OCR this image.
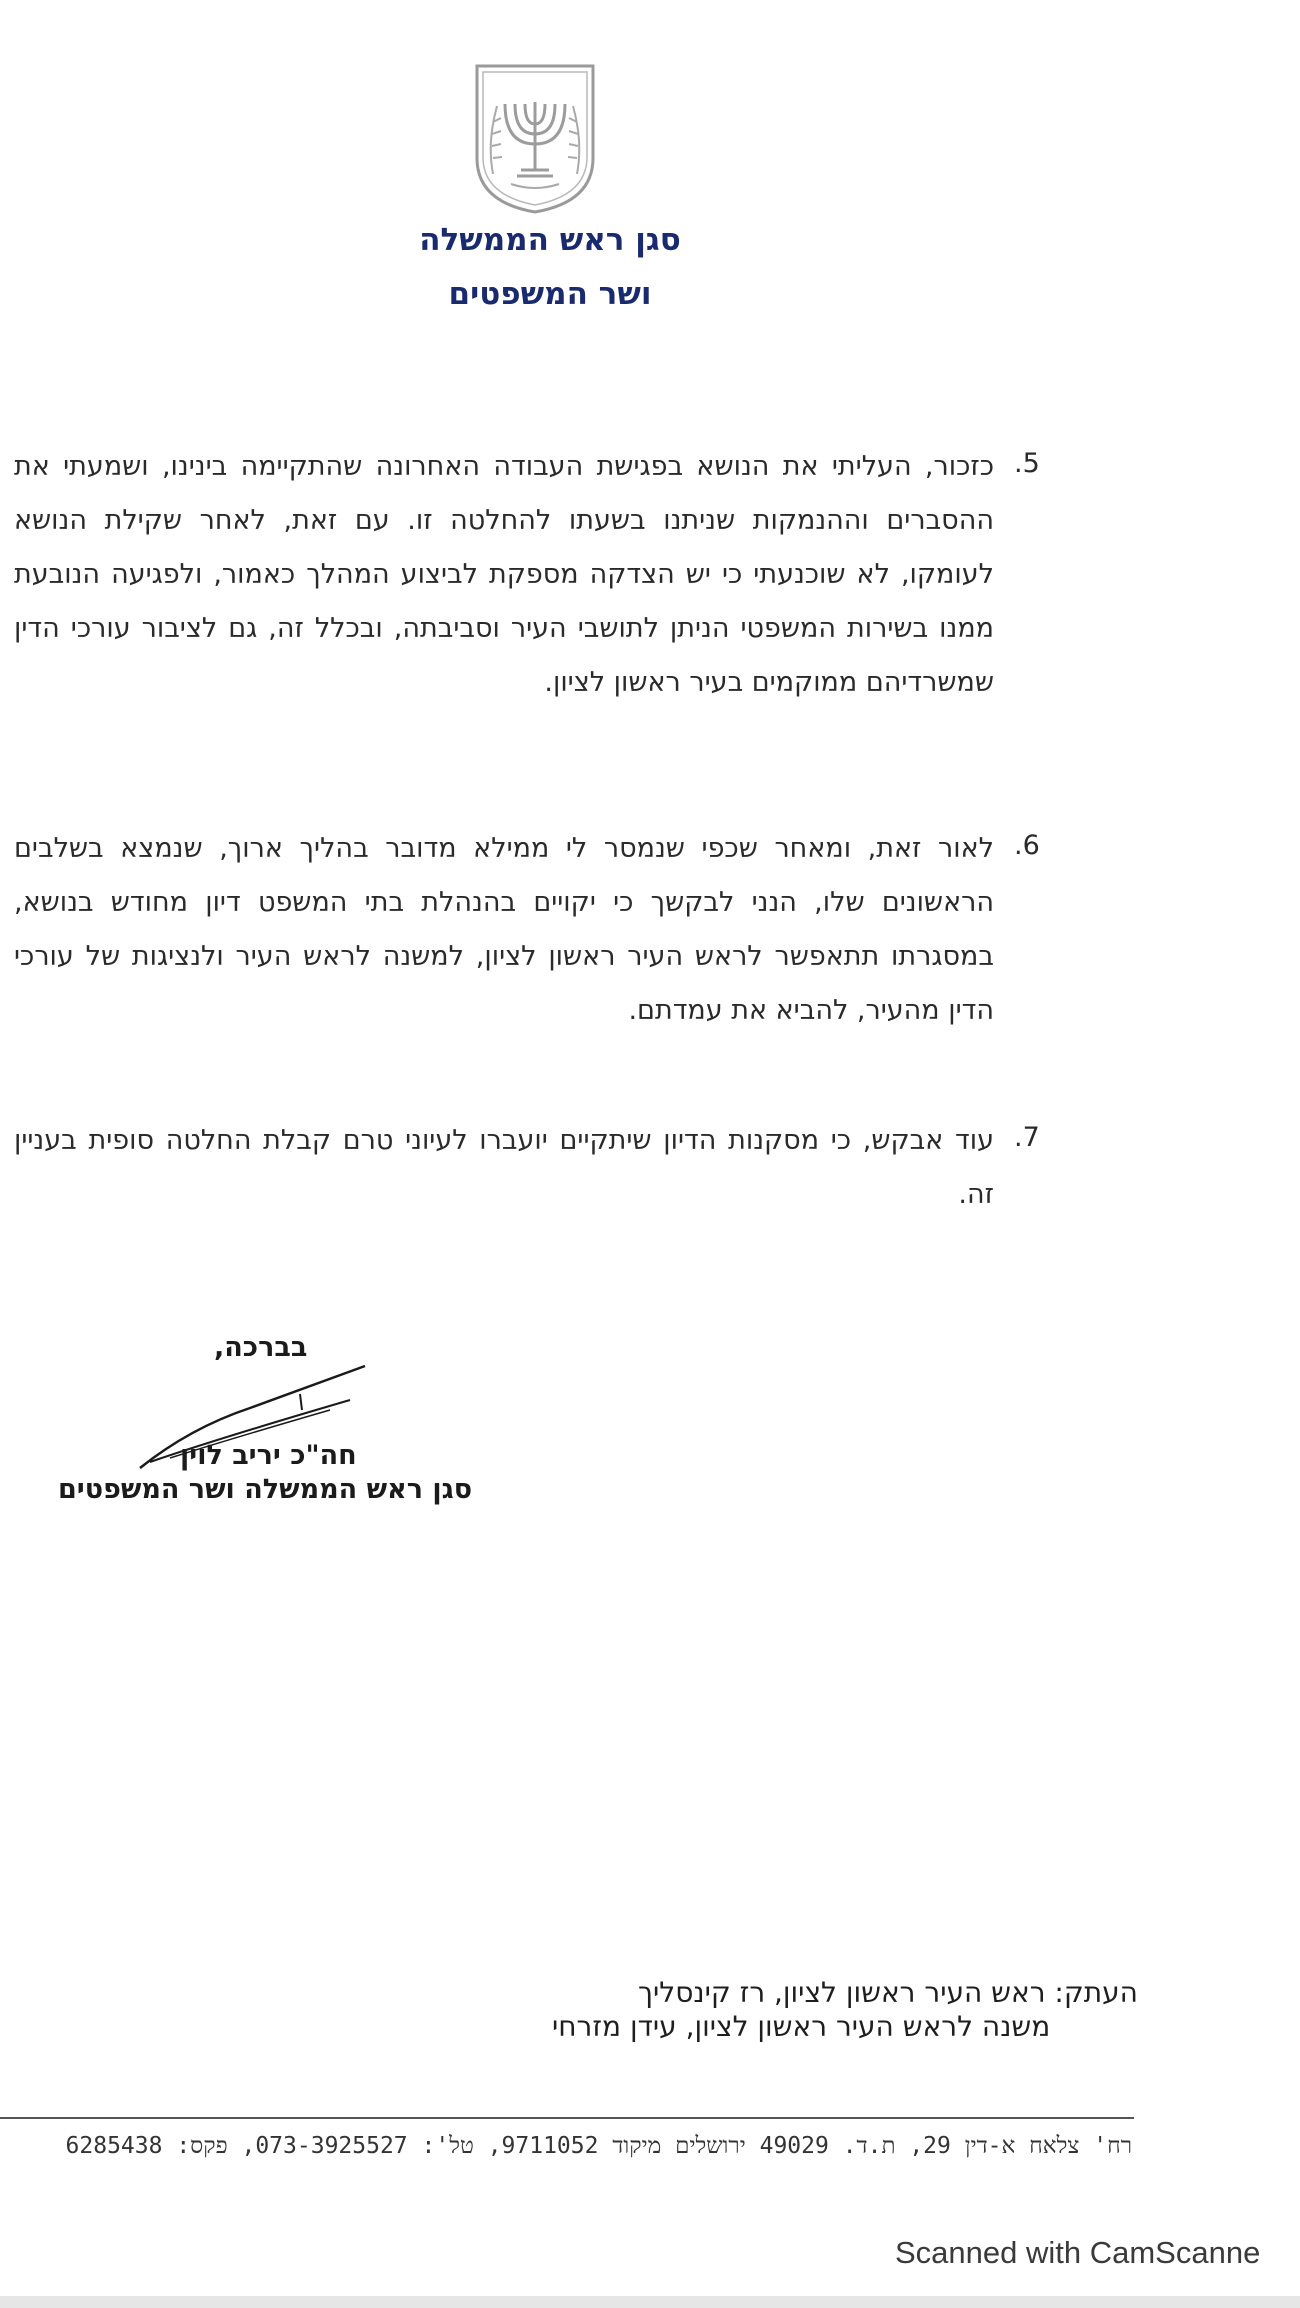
סגן ראש הממשלה
ושר המשפטים
.5
כזכור, העליתי את הנושא בפגישת העבודה האחרונה שהתקיימה בינינו, ושמעתי את ההסברים וההנמקות שניתנו בשעתו להחלטה זו. עם זאת, לאחר שקילת הנושא לעומקו, לא שוכנעתי כי יש הצדקה מספקת לביצוע המהלך כאמור, ולפגיעה הנובעת ממנו בשירות המשפטי הניתן לתושבי העיר וסביבתה, ובכלל זה, גם לציבור עורכי הדין שמשרדיהם ממוקמים בעיר ראשון לציון.
.6
לאור זאת, ומאחר שכפי שנמסר לי ממילא מדובר בהליך ארוך, שנמצא בשלבים הראשונים שלו, הנני לבקשך כי יקויים בהנהלת בתי המשפט דיון מחודש בנושא, במסגרתו תתאפשר לראש העיר ראשון לציון, למשנה לראש העיר ולנציגות של עורכי הדין מהעיר, להביא את עמדתם.
.7
עוד אבקש, כי מסקנות הדיון שיתקיים יועברו לעיוני טרם קבלת החלטה סופית בעניין זה.
בברכה,
חה"כ יריב לוין
סגן ראש הממשלה ושר המשפטים
העתק: ראש העיר ראשון לציון, רז קינסליך
משנה לראש העיר ראשון לציון, עידן מזרחי
רח' צלאח א-דין 29, ת.ד. 49029 ירושלים מיקוד 9711052, טל': 073-3925527, פקס: 6285438
Scanned with CamScanne
